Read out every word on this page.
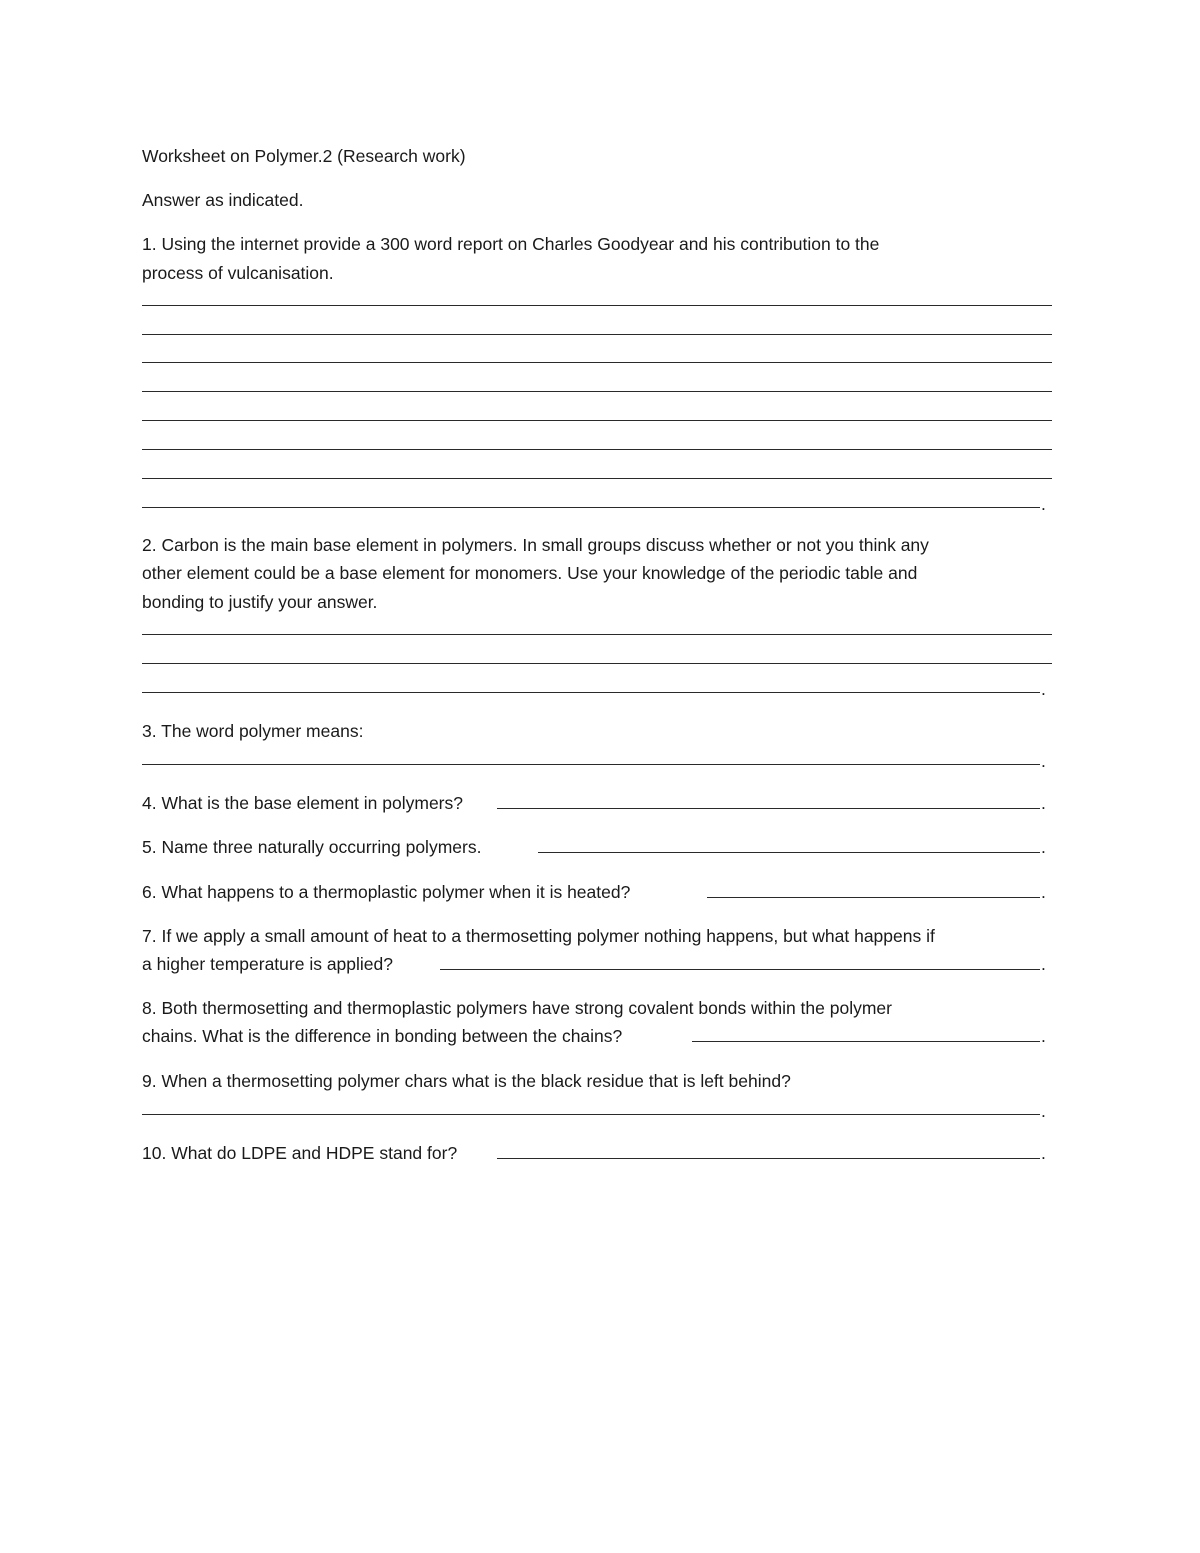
Worksheet on Polymer.2 (Research work)
Answer as indicated.
1. Using the internet provide a 300 word report on Charles Goodyear and his contribution to the
process of vulcanisation.
.
2. Carbon is the main base element in polymers. In small groups discuss whether or not you think any
other element could be a base element for monomers. Use your knowledge of the periodic table and
bonding to justify your answer.
.
3. The word polymer means:
.
4. What is the base element in polymers?	.
5. Name three naturally occurring polymers.	.
6. What happens to a thermoplastic polymer when it is heated?	.
7. If we apply a small amount of heat to a thermosetting polymer nothing happens, but what happens if
a higher temperature is applied?	.
8. Both thermosetting and thermoplastic polymers have strong covalent bonds within the polymer
chains. What is the difference in bonding between the chains?	.
9. When a thermosetting polymer chars what is the black residue that is left behind?
.
10. What do LDPE and HDPE stand for?	.
